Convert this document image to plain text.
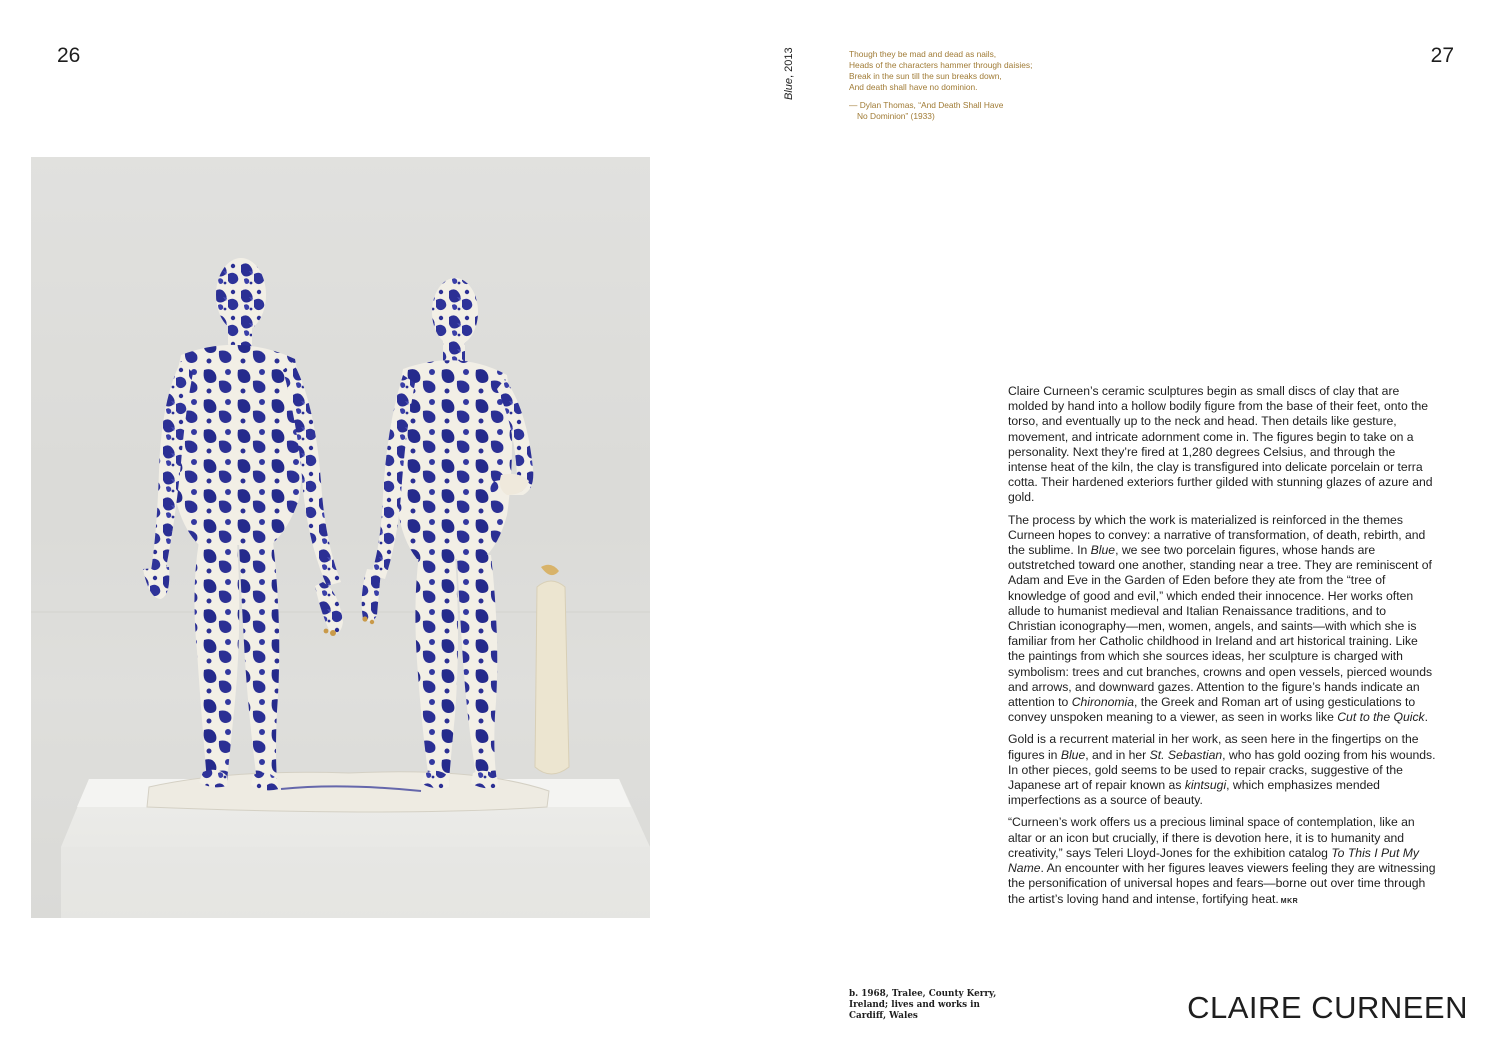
26	27
Blue, 2013	Though they be mad and dead as nails,
Heads of the characters hammer through daisies;
Break in the sun till the sun breaks down,
And death shall have no dominion.
— Dylan Thomas, “And Death Shall Have
No Dominion” (1933)

Claire Curneen’s ceramic sculptures begin as small discs of clay that are molded by hand into a hollow bodily figure from the base of their feet, onto the torso, and eventually up to the neck and head. Then details like gesture, movement, and intricate adornment come in. The figures begin to take on a personality. Next they’re fired at 1,280 degrees Celsius, and through the intense heat of the kiln, the clay is transfigured into delicate porcelain or terra cotta. Their hardened exteriors further gilded with stunning glazes of azure and gold.

The process by which the work is materialized is reinforced in the themes Curneen hopes to convey: a narrative of transformation, of death, rebirth, and the sublime. In Blue, we see two porcelain figures, whose hands are outstretched toward one another, standing near a tree. They are reminiscent of Adam and Eve in the Garden of Eden before they ate from the “tree of knowledge of good and evil,” which ended their innocence. Her works often allude to humanist medieval and Italian Renaissance traditions, and to Christian iconography—men, women, angels, and saints—with which she is familiar from her Catholic childhood in Ireland and art historical training. Like the paintings from which she sources ideas, her sculpture is charged with symbolism: trees and cut branches, crowns and open vessels, pierced wounds and arrows, and downward gazes. Attention to the figure’s hands indicate an attention to Chironomia, the Greek and Roman art of using gesticulations to convey unspoken meaning to a viewer, as seen in works like Cut to the Quick.

Gold is a recurrent material in her work, as seen here in the fingertips on the figures in Blue, and in her St. Sebastian, who has gold oozing from his wounds. In other pieces, gold seems to be used to repair cracks, suggestive of the Japanese art of repair known as kintsugi, which emphasizes mended imperfections as a source of beauty.

“Curneen’s work offers us a precious liminal space of contemplation, like an altar or an icon but crucially, if there is devotion here, it is to humanity and creativity,” says Teleri Lloyd-Jones for the exhibition catalog To This I Put My Name. An encounter with her figures leaves viewers feeling they are witnessing the personification of universal hopes and fears—borne out over time through the artist’s loving hand and intense, fortifying heat. MKR

b. 1968, Tralee, County Kerry, Ireland; lives and works in Cardiff, Wales	CLAIRE CURNEEN
